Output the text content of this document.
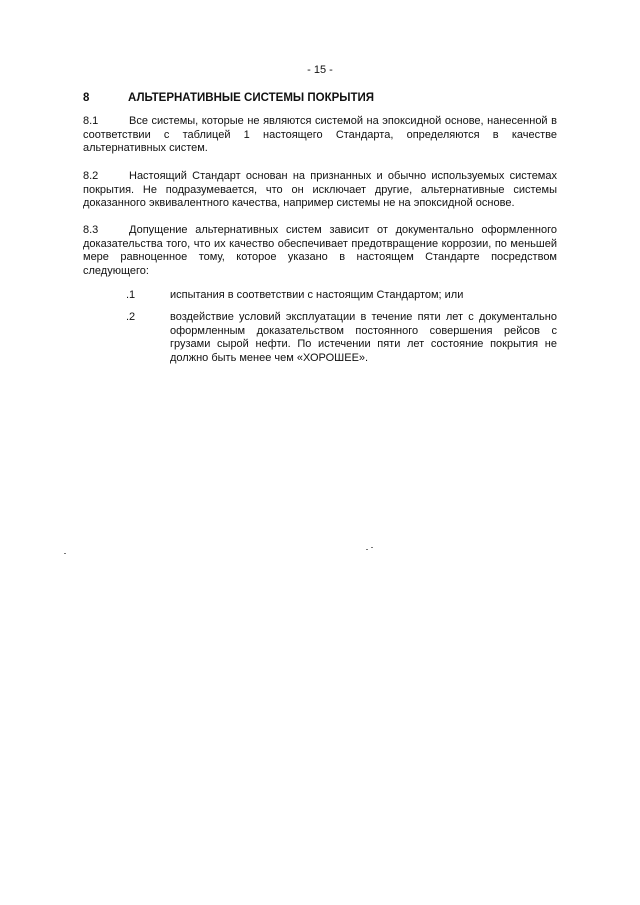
- 15 -
8	АЛЬТЕРНАТИВНЫЕ СИСТЕМЫ ПОКРЫТИЯ
8.1	Все системы, которые не являются системой на эпоксидной основе, нанесенной в соответствии с таблицей 1 настоящего Стандарта, определяются в качестве альтернативных систем.
8.2	Настоящий Стандарт основан на признанных и обычно используемых системах покрытия. Не подразумевается, что он исключает другие, альтернативные системы доказанного эквивалентного качества, например системы не на эпоксидной основе.
8.3	Допущение альтернативных систем зависит от документально оформленного доказательства того, что их качество обеспечивает предотвращение коррозии, по меньшей мере равноценное тому, которое указано в настоящем Стандарте посредством следующего:
.1	испытания в соответствии с настоящим Стандартом; или
.2	воздействие условий эксплуатации в течение пяти лет с документально оформленным доказательством постоянного совершения рейсов с грузами сырой нефти. По истечении пяти лет состояние покрытия не должно быть менее чем «ХОРОШЕЕ».
